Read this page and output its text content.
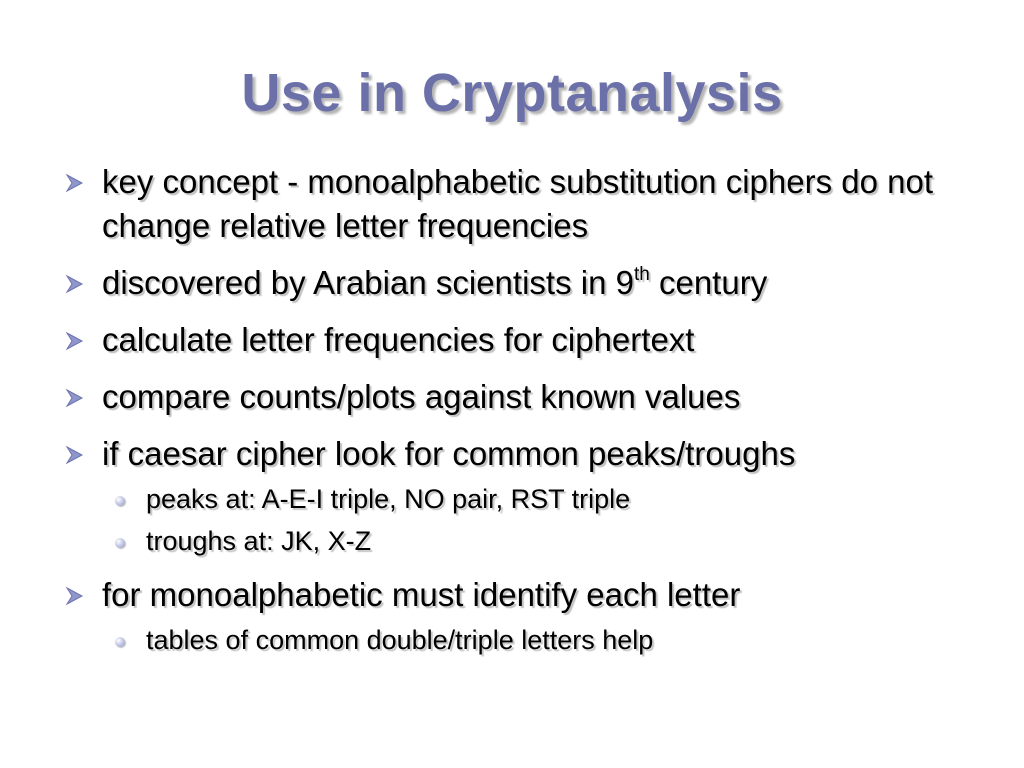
Use in Cryptanalysis
key concept - monoalphabetic substitution ciphers do not change relative letter frequencies
discovered by Arabian scientists in 9th century
calculate letter frequencies for ciphertext
compare counts/plots against known values
if caesar cipher look for common peaks/troughs
peaks at: A-E-I triple, NO pair, RST triple
troughs at: JK, X-Z
for monoalphabetic must identify each letter
tables of common double/triple letters help
